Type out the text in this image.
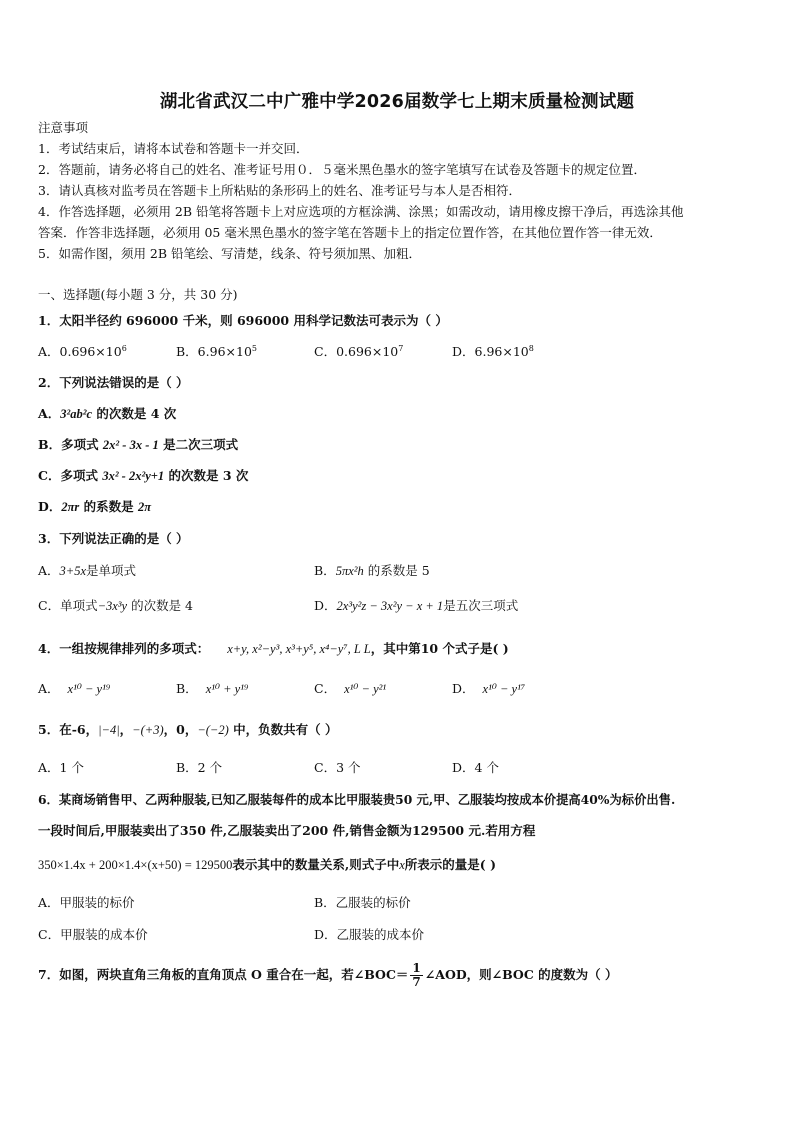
湖北省武汉二中广雅中学2026届数学七上期末质量检测试题
注意事项
1．考试结束后，请将本试卷和答题卡一并交回．
2．答题前，请务必将自己的姓名、准考证号用０．５毫米黑色墨水的签字笔填写在试卷及答题卡的规定位置．
3．请认真核对监考员在答题卡上所粘贴的条形码上的姓名、准考证号与本人是否相符．
4．作答选择题，必须用 2B 铅笔将答题卡上对应选项的方框涂满、涂黑；如需改动，请用橡皮擦干净后，再选涂其他
答案．作答非选择题，必须用 05 毫米黑色墨水的签字笔在答题卡上的指定位置作答，在其他位置作答一律无效．
5．如需作图，须用 2B 铅笔绘、写清楚，线条、符号须加黑、加粗．
一、选择题(每小题 3 分，共 30 分)
1．太阳半径约 696000 千米，则 696000 用科学记数法可表示为（ ）
A．$0.696\times 10^6$	B．$6.96\times 10^5$	C．$0.696\times 10^7$	D．$6.96\times 10^8$
2．下列说法错误的是（ ）
A．3²ab²c 的次数是 4 次
B．多项式 2x² - 3x - 1 是二次三项式
C．多项式 3x² - 2x²y+1 的次数是 3 次
D．2πr 的系数是 2π
3．下列说法正确的是（ ）
A．3+5x是单项式	B．5πx²h 的系数是 5
C．单项式−3x³y 的次数是 4	D．2x³y²z − 3x²y − x + 1是五次三项式
4．一组按规律排列的多项式： x+y, x²−y³, x³+y⁵, x⁴−y⁷, L L，其中第10 个式子是( )
A． x¹⁰ − y¹⁹	B． x¹⁰ + y¹⁹	C． x¹⁰ − y²¹	D． x¹⁰ − y¹⁷
5．在-6，|−4|，−(+3)，0，−(−2) 中，负数共有（ ）
A．1 个	B．2 个	C．3 个	D．4 个
6．某商场销售甲、乙两种服装,已知乙服装每件的成本比甲服装贵50 元,甲、乙服装均按成本价提高40%为标价出售.
一段时间后,甲服装卖出了350 件,乙服装卖出了200 件,销售金额为129500 元.若用方程
350×1.4x + 200×1.4×(x+50) = 129500表示其中的数量关系,则式子中x所表示的量是( )
A．甲服装的标价	B．乙服装的标价
C．甲服装的成本价	D．乙服装的成本价
7．如图，两块直角三角板的直角顶点 O 重合在一起，若∠BOC＝ $\frac{1}{7}$ ∠AOD，则∠BOC 的度数为（ ）
